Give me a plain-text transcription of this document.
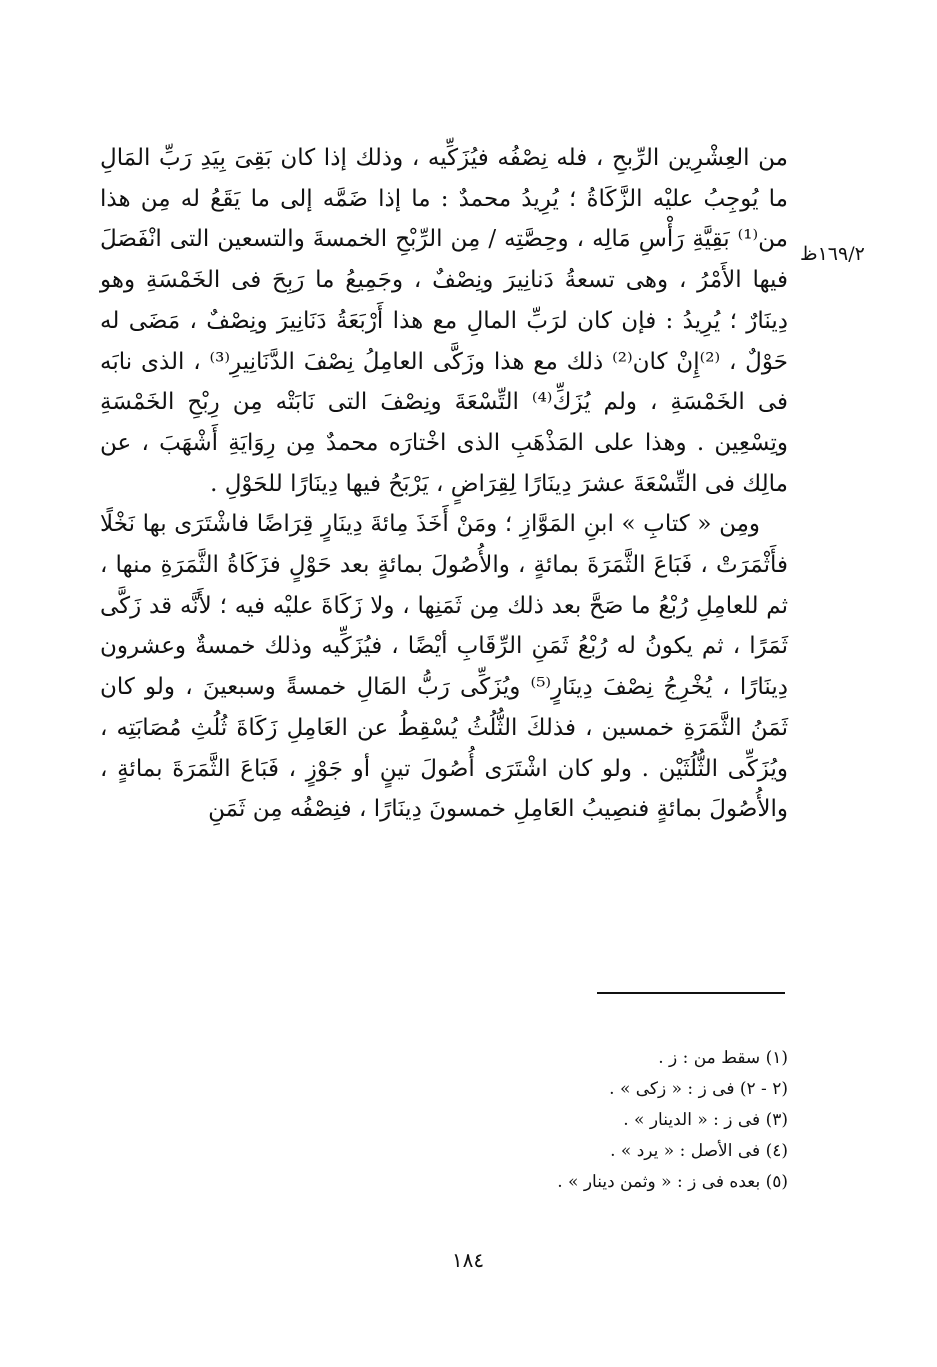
١٦٩/٢ظ

من العِشْرِين الرِّبحِ ، فله نِصْفُه فيُزَكِّيه ، وذلك إذا كان بَقِىَ بِيَدِ رَبِّ المَالِ ما يُوجِبُ عليْه الزَّكَاةُ ؛ يُرِيدُ محمدٌ : ما إذا ضَمَّه إلى ما يَقَعُ له مِن هذا من⁽¹⁾ بَقِيَّةِ رَأْسِ مَالِه ، وحِصَّتِه / مِن الرِّبْحِ الخمسةَ والتسعين التى انْفَصَلَ فيها الأَمْرُ ، وهى تسعةُ دَنانِيرَ ونِصْفٌ ، وجَمِيعُ ما رَبِحَ فى الخَمْسَةِ وهو دِينَارٌ ؛ يُرِيدُ : فإن كان لرَبِّ المالِ مع هذا أَرْبَعَةُ دَنَانِيرَ ونِصْفٌ ، مَضَى له حَوْلٌ ، ⁽²⁾إِنْ كان⁽²⁾ ذلك مع هذا وزَكَّى العامِلُ نِصْفَ الدَّنَانِيرِ⁽³⁾ ، الذى نابَه فى الخَمْسَةِ ، ولم يُزَكِّ⁽⁴⁾ التِّسْعَةَ ونِصْفَ التى نَابَتْه مِن رِبْحِ الخَمْسَةِ وتِسْعِين . وهذا على المَذْهَبِ الذى اخْتارَه محمدٌ مِن رِوَايَةِ أَشْهَبَ ، عن مالِك فى التِّسْعَةَ عشرَ دِينَارًا لِقِرَاضٍ ، يَرْبَحُ فيها دِينَارًا للحَوْلِ .

ومِن « كتابِ » ابنِ المَوَّازِ ؛ ومَنْ أَخَذَ مِائةَ دِينَارٍ قِرَاضًا فاشْتَرَى بها نَخْلًا فأَثْمَرَتْ ، فَبَاعَ الثَّمَرَةَ بمائةٍ ، والأُصُولَ بمائةٍ بعد حَوْلٍ فزَكَاةُ الثَّمَرَةِ منها ، ثم للعامِلِ رُبْعُ ما صَحَّ بعد ذلك مِن ثَمَنِها ، ولا زَكَاةَ عليْه فيه ؛ لأَنَّه قد زَكَّى ثَمَرًا ، ثم يكونُ له رُبْعُ ثَمَنِ الرِّقَابِ أيْضًا ، فيُزَكِّيه وذلك خمسةٌ وعشرون دِينَارًا ، يُخْرِجُ نِصْفَ دِينَارٍ⁽⁵⁾ ويُزَكِّى رَبُّ المَالِ خمسةً وسبعينَ ، ولو كان ثَمَنُ الثَّمَرَةِ خمسين ، فذلكَ الثُّلُثُ يُسْقِطُ عن العَامِلِ زَكَاةَ ثُلُثِ مُصَابَتِه ، ويُزَكِّى الثُّلُثَيْن . ولو كان اشْتَرَى أُصُولَ تينٍ أو جَوْزٍ ، فَبَاعَ الثَّمَرَةَ بمائةٍ ، والأُصُولَ بمائةٍ فنصِيبُ العَامِلِ خمسونَ دِينَارًا ، فنِصْفُه مِن ثَمَنِ

(١) سقط من : ز .
(٢ - ٢) فى ز : « زكى » .
(٣) فى ز : « الدينار » .
(٤) فى الأصل : « يرد » .
(٥) بعده فى ز : « وثمن دينار » .
١٨٤
